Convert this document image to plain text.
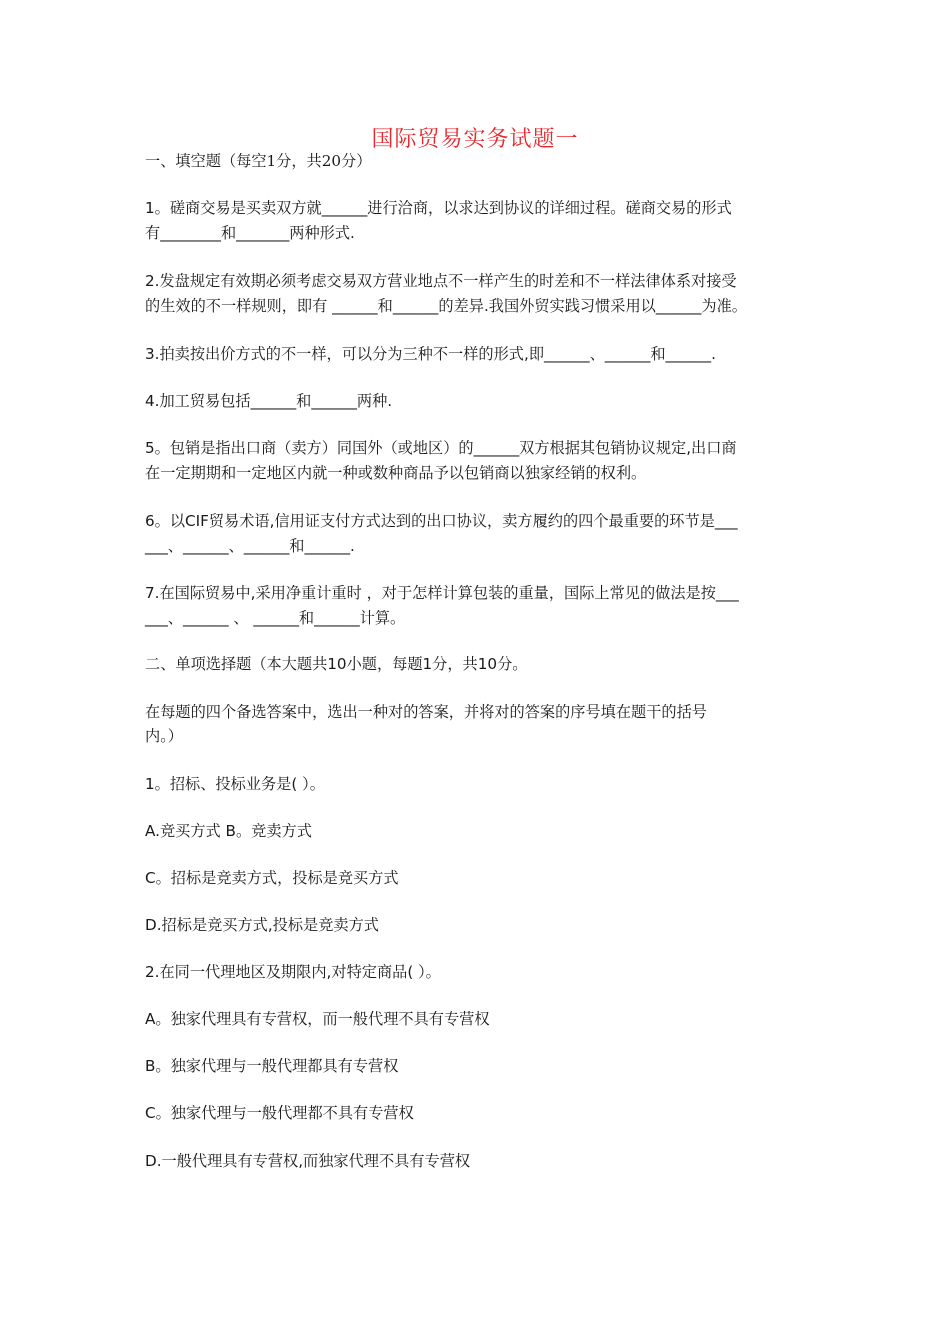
国际贸易实务试题一
一、填空题（每空1分，共20分）
1。磋商交易是买卖双方就______进行洽商，以求达到协议的详细过程。磋商交易的形式
有________和_______两种形式.
2.发盘规定有效期必须考虑交易双方营业地点不一样产生的时差和不一样法律体系对接受
的生效的不一样规则，即有 ______和______的差异.我国外贸实践习惯采用以______为准。
3.拍卖按出价方式的不一样，可以分为三种不一样的形式,即______、______和______.
4.加工贸易包括______和______两种.
5。包销是指出口商（卖方）同国外（或地区）的______双方根据其包销协议规定,出口商
在一定期期和一定地区内就一种或数种商品予以包销商以独家经销的权利。
6。以CIF贸易术语,信用证支付方式达到的出口协议，卖方履约的四个最重要的环节是___
___、______、______和______.
7.在国际贸易中,采用净重计重时 ，对于怎样计算包装的重量，国际上常见的做法是按___
___、______ 、 ______和______计算。
二、单项选择题（本大题共10小题，每题1分，共10分。
在每题的四个备选答案中，选出一种对的答案，并将对的答案的序号填在题干的括号
内。）
1。招标、投标业务是( ）。
A.竞买方式 B。竞卖方式
C。招标是竞卖方式，投标是竞买方式
D.招标是竞买方式,投标是竞卖方式
2.在同一代理地区及期限内,对特定商品( ）。
A。独家代理具有专营权，而一般代理不具有专营权
B。独家代理与一般代理都具有专营权
C。独家代理与一般代理都不具有专营权
D.一般代理具有专营权,而独家代理不具有专营权
